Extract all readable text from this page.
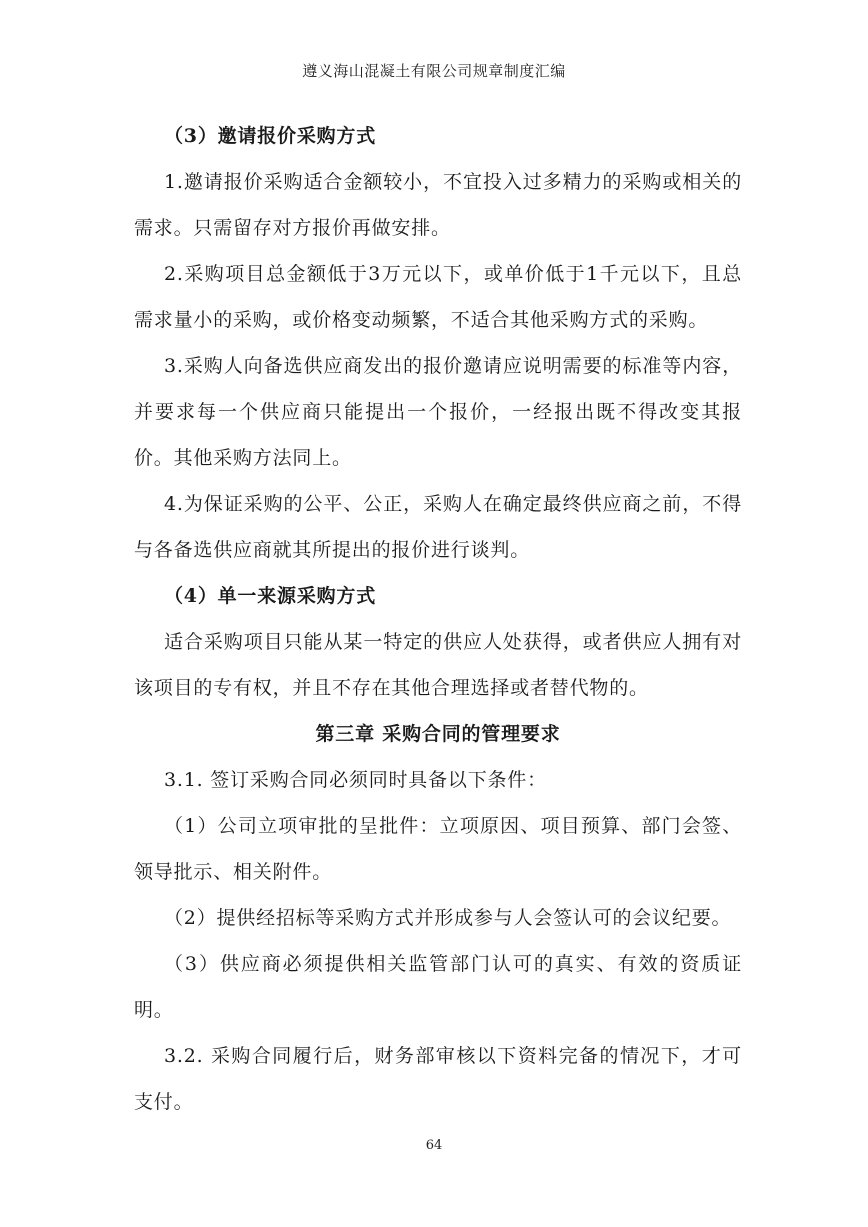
遵义海山混凝土有限公司规章制度汇编

（3）邀请报价采购方式

1.邀请报价采购适合金额较小，不宜投入过多精力的采购或相关的需求。只需留存对方报价再做安排。

2.采购项目总金额低于3万元以下，或单价低于1千元以下，且总需求量小的采购，或价格变动频繁，不适合其他采购方式的采购。

3.采购人向备选供应商发出的报价邀请应说明需要的标准等内容，并要求每一个供应商只能提出一个报价，一经报出既不得改变其报价。其他采购方法同上。

4.为保证采购的公平、公正，采购人在确定最终供应商之前，不得与各备选供应商就其所提出的报价进行谈判。

（4）单一来源采购方式

适合采购项目只能从某一特定的供应人处获得，或者供应人拥有对该项目的专有权，并且不存在其他合理选择或者替代物的。

第三章 采购合同的管理要求

3.1. 签订采购合同必须同时具备以下条件：

（1）公司立项审批的呈批件：立项原因、项目预算、部门会签、领导批示、相关附件。

（2）提供经招标等采购方式并形成参与人会签认可的会议纪要。

（3）供应商必须提供相关监管部门认可的真实、有效的资质证明。

3.2. 采购合同履行后，财务部审核以下资料完备的情况下，才可支付。

64
